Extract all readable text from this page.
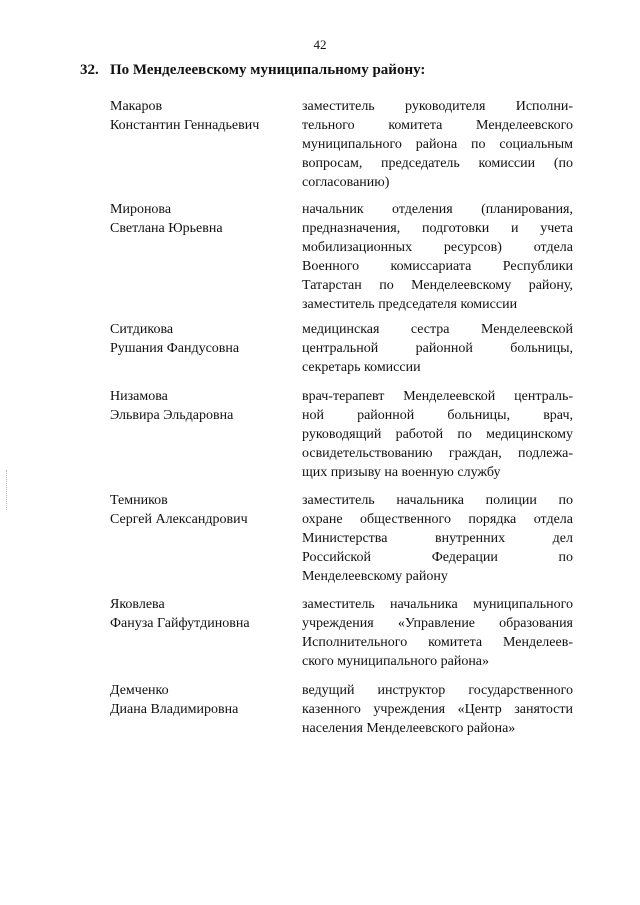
42
32. По Менделеевскому муниципальному району:
Макаров
Константин Геннадьевич
заместитель руководителя Исполни-
тельного комитета Менделеевского
муниципального района по социальным
вопросам, председатель комиссии (по
согласованию)
Миронова
Светлана Юрьевна
начальник отделения (планирования,
предназначения, подготовки и учета
мобилизационных ресурсов) отдела
Военного комиссариата Республики
Татарстан по Менделеевскому району,
заместитель председателя комиссии
Ситдикова
Рушания Фандусовна
медицинская сестра Менделеевской
центральной районной больницы,
секретарь комиссии
Низамова
Эльвира Эльдаровна
врач-терапевт Менделеевской централь-
ной районной больницы, врач,
руководящий работой по медицинскому
освидетельствованию граждан, подлежа-
щих призыву на военную службу
Темников
Сергей Александрович
заместитель начальника полиции по
охране общественного порядка отдела
Министерства внутренних дел
Российской Федерации по
Менделеевскому району
Яковлева
Фануза Гайфутдиновна
заместитель начальника муниципального
учреждения «Управление образования
Исполнительного комитета Менделеев-
ского муниципального района»
Демченко
Диана Владимировна
ведущий инструктор государственного
казенного учреждения «Центр занятости
населения Менделеевского района»
